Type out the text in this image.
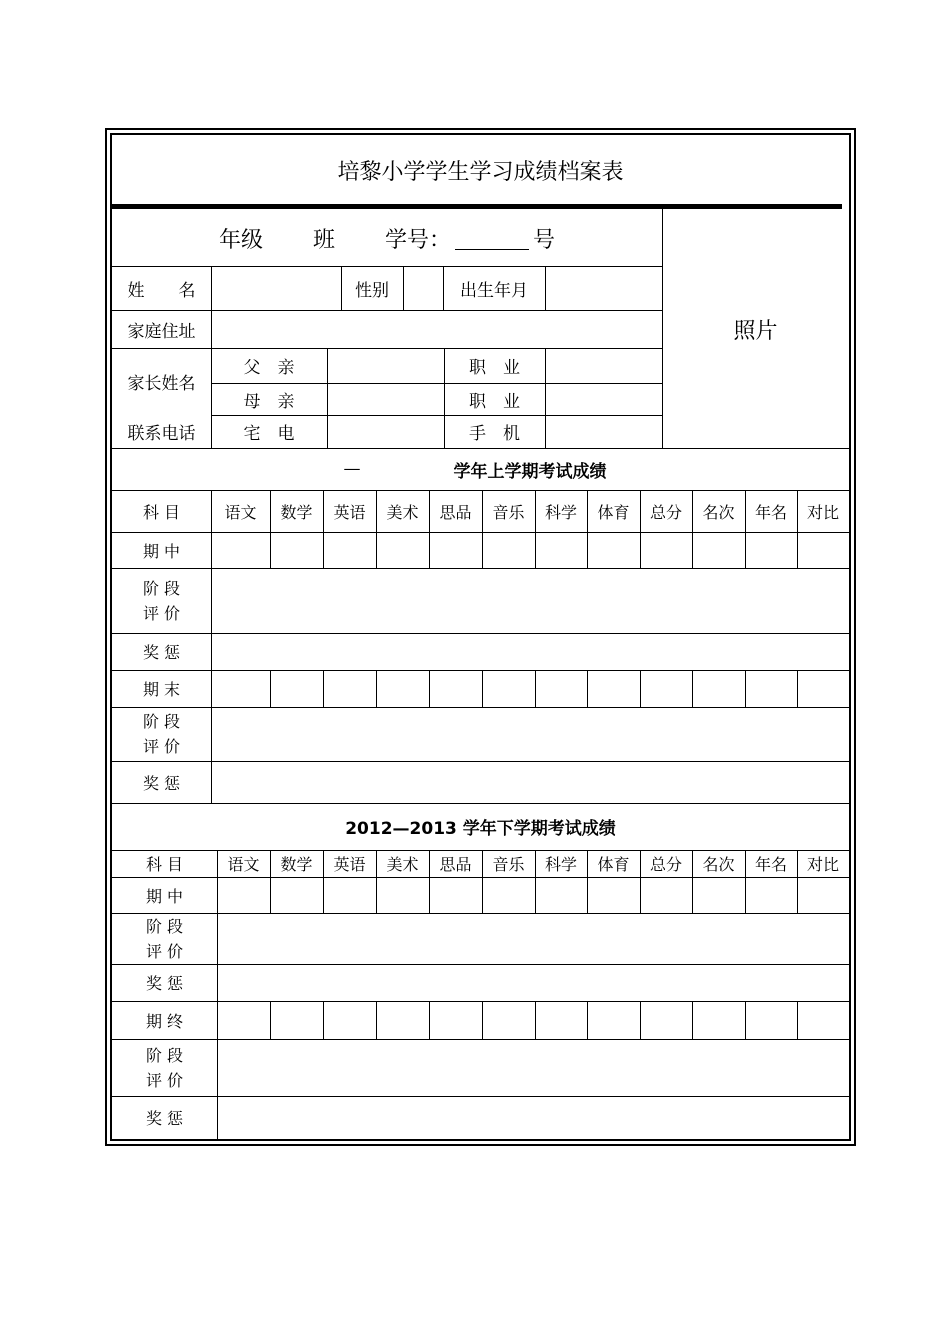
培黎小学学生学习成绩档案表
年级 班 学号：	号
照片
姓　　名	性别	出生年月
家庭住址
家长姓名
父　亲	职　业
母　亲	职　业
联系电话	宅　电	手　机
—	学年上学期考试成绩
科 目	语文	数学	英语	美术	思品	音乐	科学	体育	总分	名次	年名	对比
期 中
阶 段
评 价
奖 惩
期 末
阶 段
评 价
奖 惩
2012—2013 学年下学期考试成绩
科 目	语文	数学	英语	美术	思品	音乐	科学	体育	总分	名次	年名	对比
期 中
阶 段
评 价
奖 惩
期 终
阶 段
评 价
奖 惩
